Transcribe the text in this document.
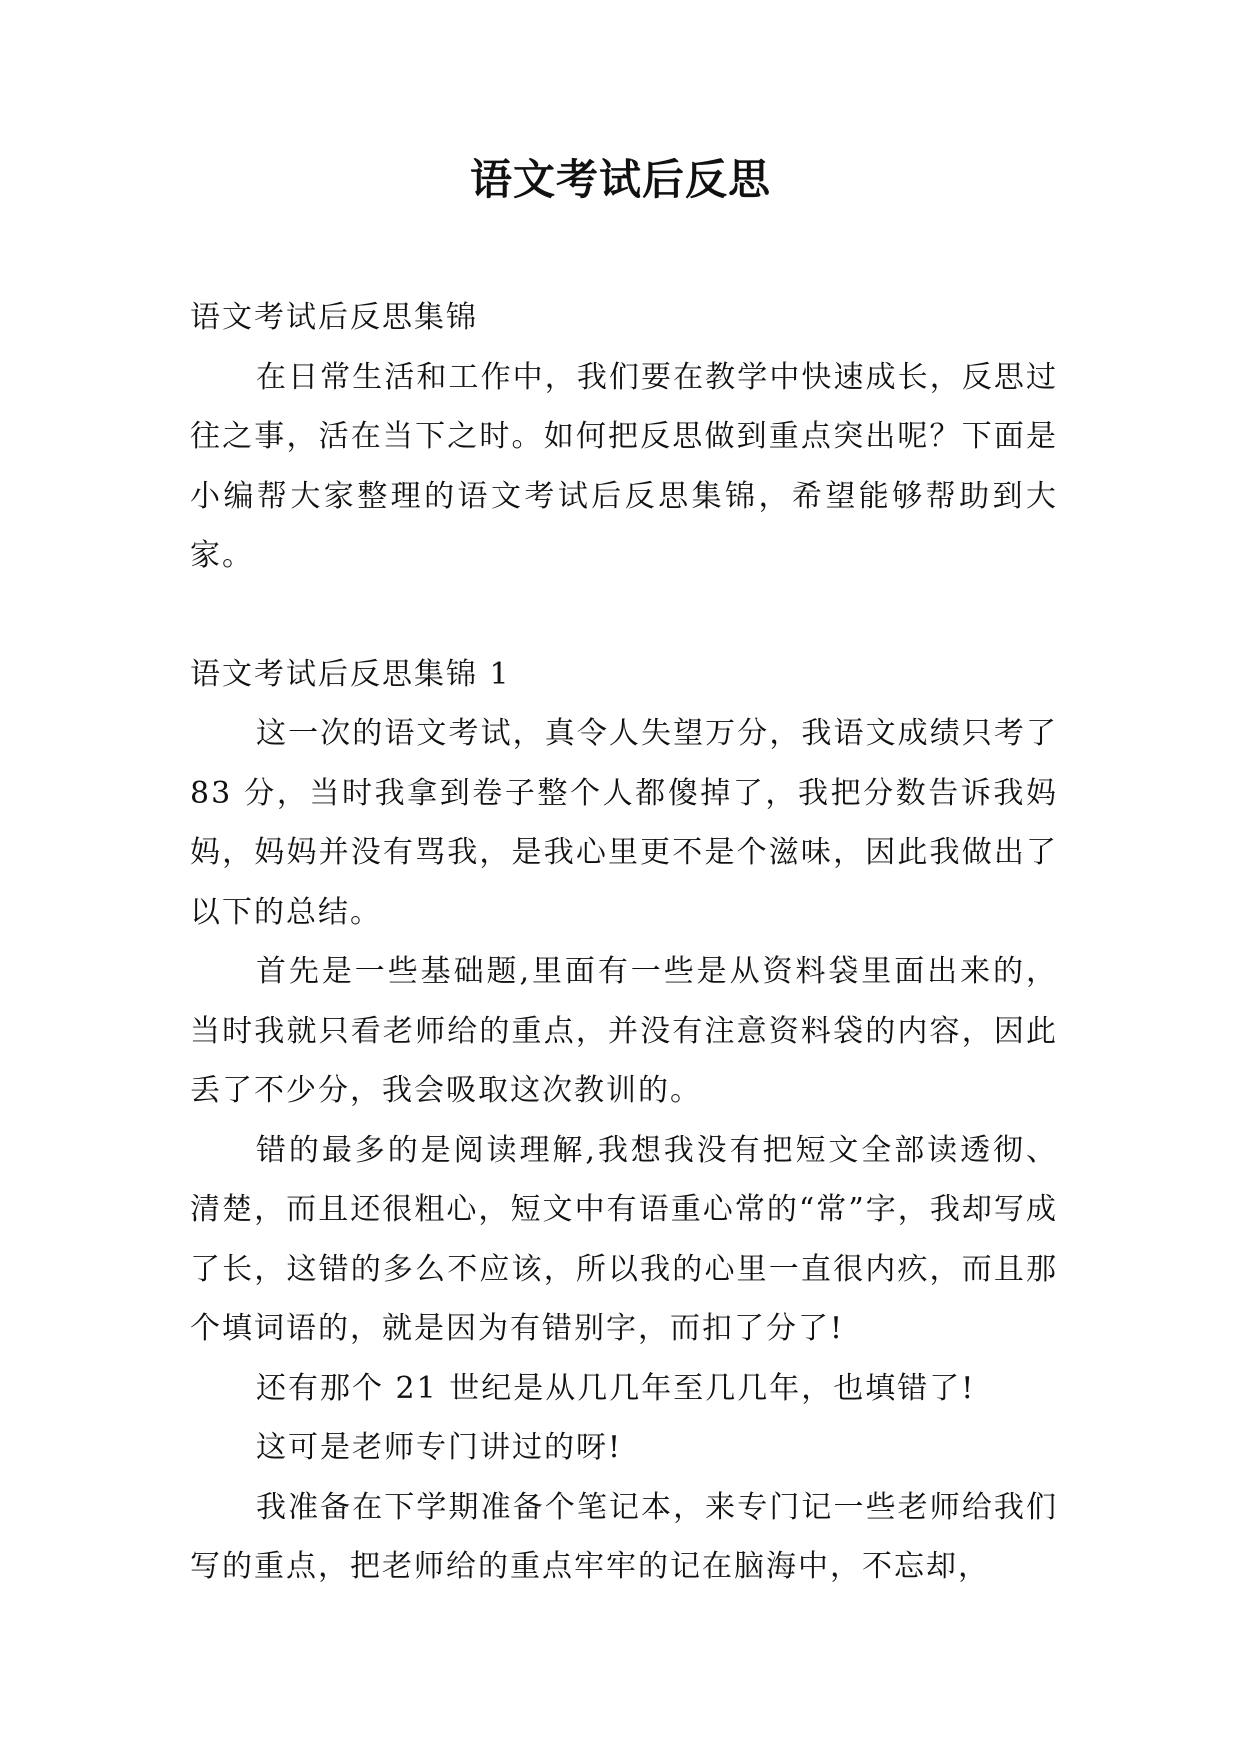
语文考试后反思

语文考试后反思集锦

在日常生活和工作中，我们要在教学中快速成长，反思过往之事，活在当下之时。如何把反思做到重点突出呢？下面是小编帮大家整理的语文考试后反思集锦，希望能够帮助到大家。

语文考试后反思集锦 1

这一次的语文考试，真令人失望万分，我语文成绩只考了 83 分，当时我拿到卷子整个人都傻掉了，我把分数告诉我妈妈，妈妈并没有骂我，是我心里更不是个滋味，因此我做出了以下的总结。

首先是一些基础题,里面有一些是从资料袋里面出来的，当时我就只看老师给的重点，并没有注意资料袋的内容，因此丢了不少分，我会吸取这次教训的。

错的最多的是阅读理解,我想我没有把短文全部读透彻、清楚，而且还很粗心，短文中有语重心常的“常”字，我却写成了长，这错的多么不应该，所以我的心里一直很内疚，而且那个填词语的，就是因为有错别字，而扣了分了!

还有那个 21 世纪是从几几年至几几年，也填错了!

这可是老师专门讲过的呀!

我准备在下学期准备个笔记本，来专门记一些老师给我们写的重点，把老师给的重点牢牢的记在脑海中，不忘却，
